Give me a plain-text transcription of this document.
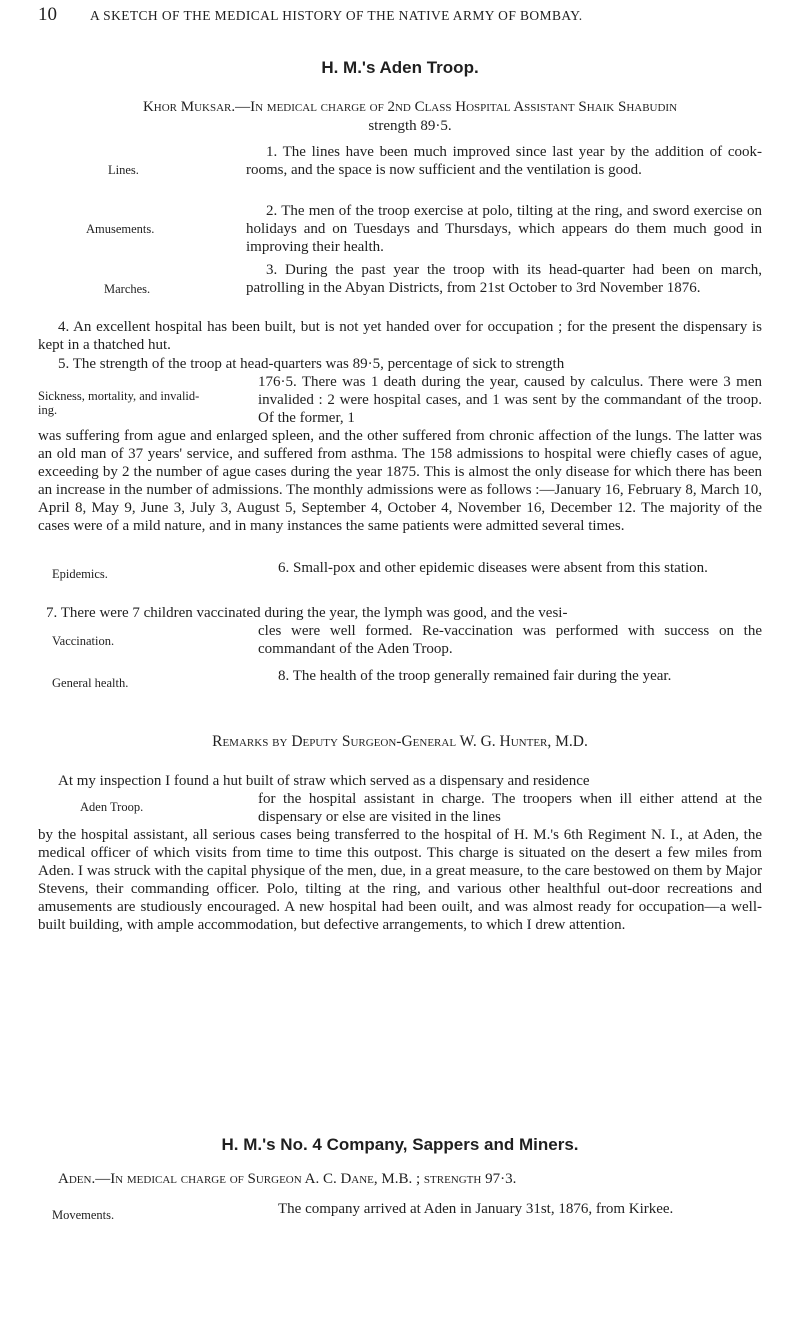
10 A SKETCH OF THE MEDICAL HISTORY OF THE NATIVE ARMY OF BOMBAY.
H. M.'s Aden Troop.
Khor Muksar.—In medical charge of 2nd Class Hospital Assistant Shaik Shabudin
strength 89·5.
Lines.
1. The lines have been much improved since last year by the addition of cook-rooms, and the space is now sufficient and the ventilation is good.
Amusements.
2. The men of the troop exercise at polo, tilting at the ring, and sword exercise on holidays and on Tuesdays and Thursdays, which appears do them much good in improving their health.
Marches.
3. During the past year the troop with its head-quarter had been on march, patrolling in the Abyan Districts, from 21st October to 3rd November 1876.
4. An excellent hospital has been built, but is not yet handed over for occupation ; for the present the dispensary is kept in a thatched hut.
5. The strength of the troop at head-quarters was 89·5, percentage of sick to strength
Sickness, mortality, and invalid-ing.
176·5. There was 1 death during the year, caused by calculus. There were 3 men invalided : 2 were hospital cases, and 1 was sent by the commandant of the troop. Of the former, 1
was suffering from ague and enlarged spleen, and the other suffered from chronic affection of the lungs. The latter was an old man of 37 years' service, and suffered from asthma. The 158 admissions to hospital were chiefly cases of ague, exceeding by 2 the number of ague cases during the year 1875. This is almost the only disease for which there has been an increase in the number of admissions. The monthly admissions were as follows :—January 16, February 8, March 10, April 8, May 9, June 3, July 3, August 5, September 4, October 4, November 16, December 12. The majority of the cases were of a mild nature, and in many instances the same patients were admitted several times.
Epidemics.	6. Small-pox and other epidemic diseases were absent from this station.
7. There were 7 children vaccinated during the year, the lymph was good, and the vesi-
Vaccination.
cles were well formed. Re-vaccination was performed with success on the commandant of the Aden Troop.
General health.	8. The health of the troop generally remained fair during the year.
Remarks by Deputy Surgeon-General W. G. Hunter, M.D.
At my inspection I found a hut built of straw which served as a dispensary and residence
Aden Troop.	for the hospital assistant in charge. The troopers when ill either attend at the dispensary or else are visited in the lines
by the hospital assistant, all serious cases being transferred to the hospital of H. M.'s 6th Regiment N. I., at Aden, the medical officer of which visits from time to time this outpost. This charge is situated on the desert a few miles from Aden. I was struck with the capital physique of the men, due, in a great measure, to the care bestowed on them by Major Stevens, their commanding officer. Polo, tilting at the ring, and various other healthful out-door recreations and amusements are studiously encouraged. A new hospital had been ouilt, and was almost ready for occupation—a well-built building, with ample accommodation, but defective arrangements, to which I drew attention.
H. M.'s No. 4 Company, Sappers and Miners.
Aden.—In medical charge of Surgeon A. C. Dane, M.B. ; strength 97·3.
Movements.	The company arrived at Aden in January 31st, 1876, from Kirkee.
